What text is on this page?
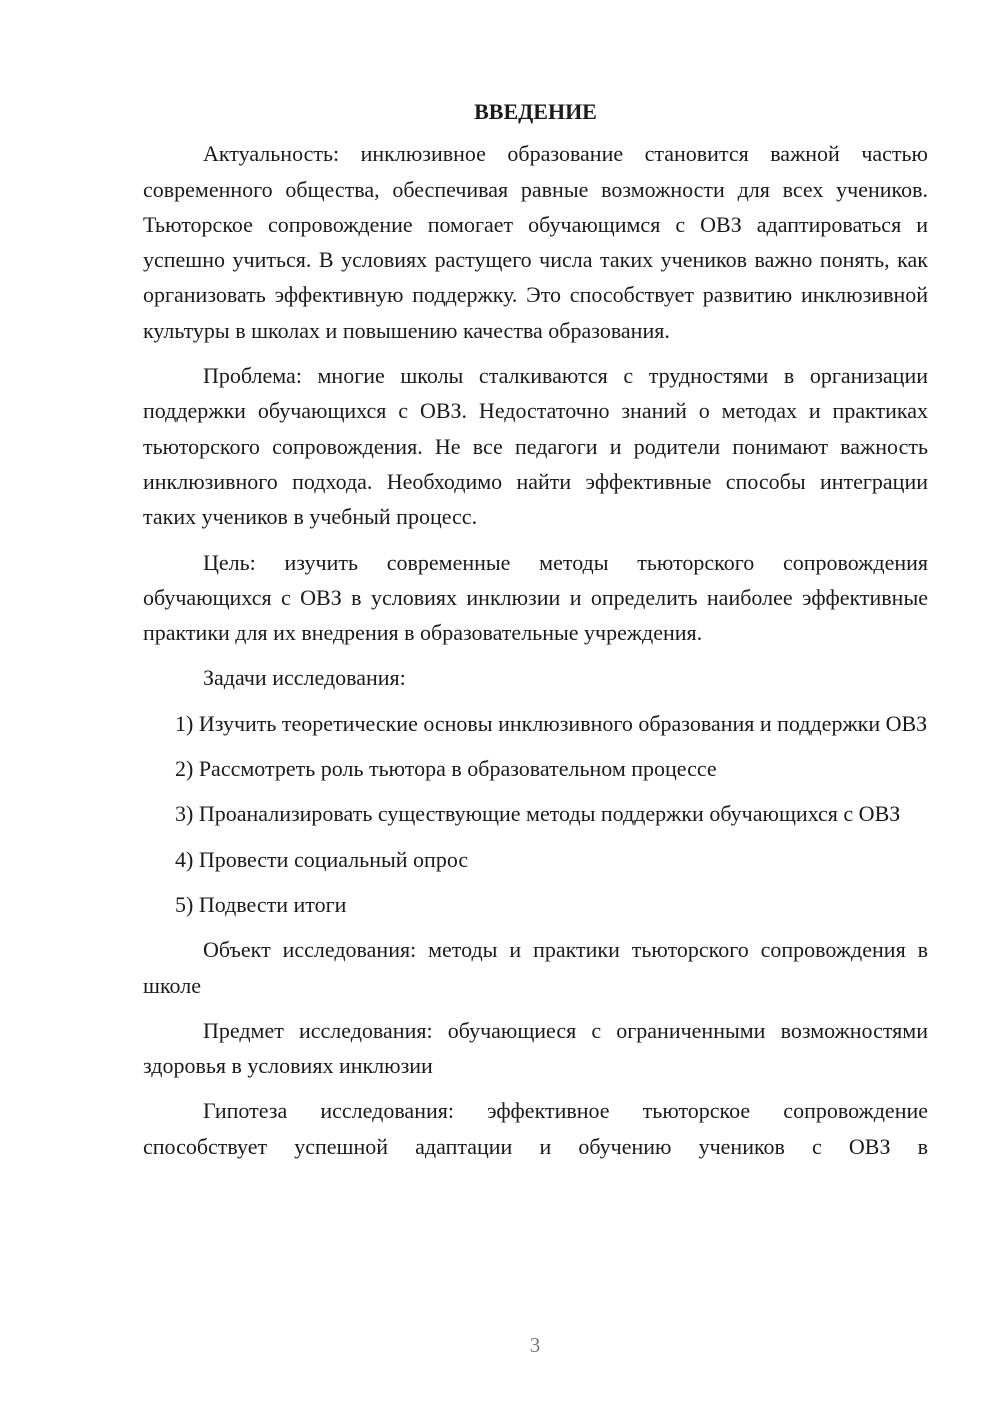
ВВЕДЕНИЕ

Актуальность: инклюзивное образование становится важной частью современного общества, обеспечивая равные возможности для всех учеников. Тьюторское сопровождение помогает обучающимся с ОВЗ адаптироваться и успешно учиться. В условиях растущего числа таких учеников важно понять, как организовать эффективную поддержку. Это способствует развитию инклюзивной культуры в школах и повышению качества образования.

Проблема: многие школы сталкиваются с трудностями в организации поддержки обучающихся с ОВЗ. Недостаточно знаний о методах и практиках тьюторского сопровождения. Не все педагоги и родители понимают важность инклюзивного подхода. Необходимо найти эффективные способы интеграции таких учеников в учебный процесс.

Цель: изучить современные методы тьюторского сопровождения обучающихся с ОВЗ в условиях инклюзии и определить наиболее эффективные практики для их внедрения в образовательные учреждения.

Задачи исследования:

1) Изучить теоретические основы инклюзивного образования и поддержки ОВЗ

2) Рассмотреть роль тьютора в образовательном процессе

3) Проанализировать существующие методы поддержки обучающихся с ОВЗ

4) Провести социальный опрос

5) Подвести итоги

Объект исследования: методы и практики тьюторского сопровождения в школе

Предмет исследования: обучающиеся с ограниченными возможностями здоровья в условиях инклюзии

Гипотеза исследования: эффективное тьюторское сопровождение способствует успешной адаптации и обучению учеников с ОВЗ в

3
